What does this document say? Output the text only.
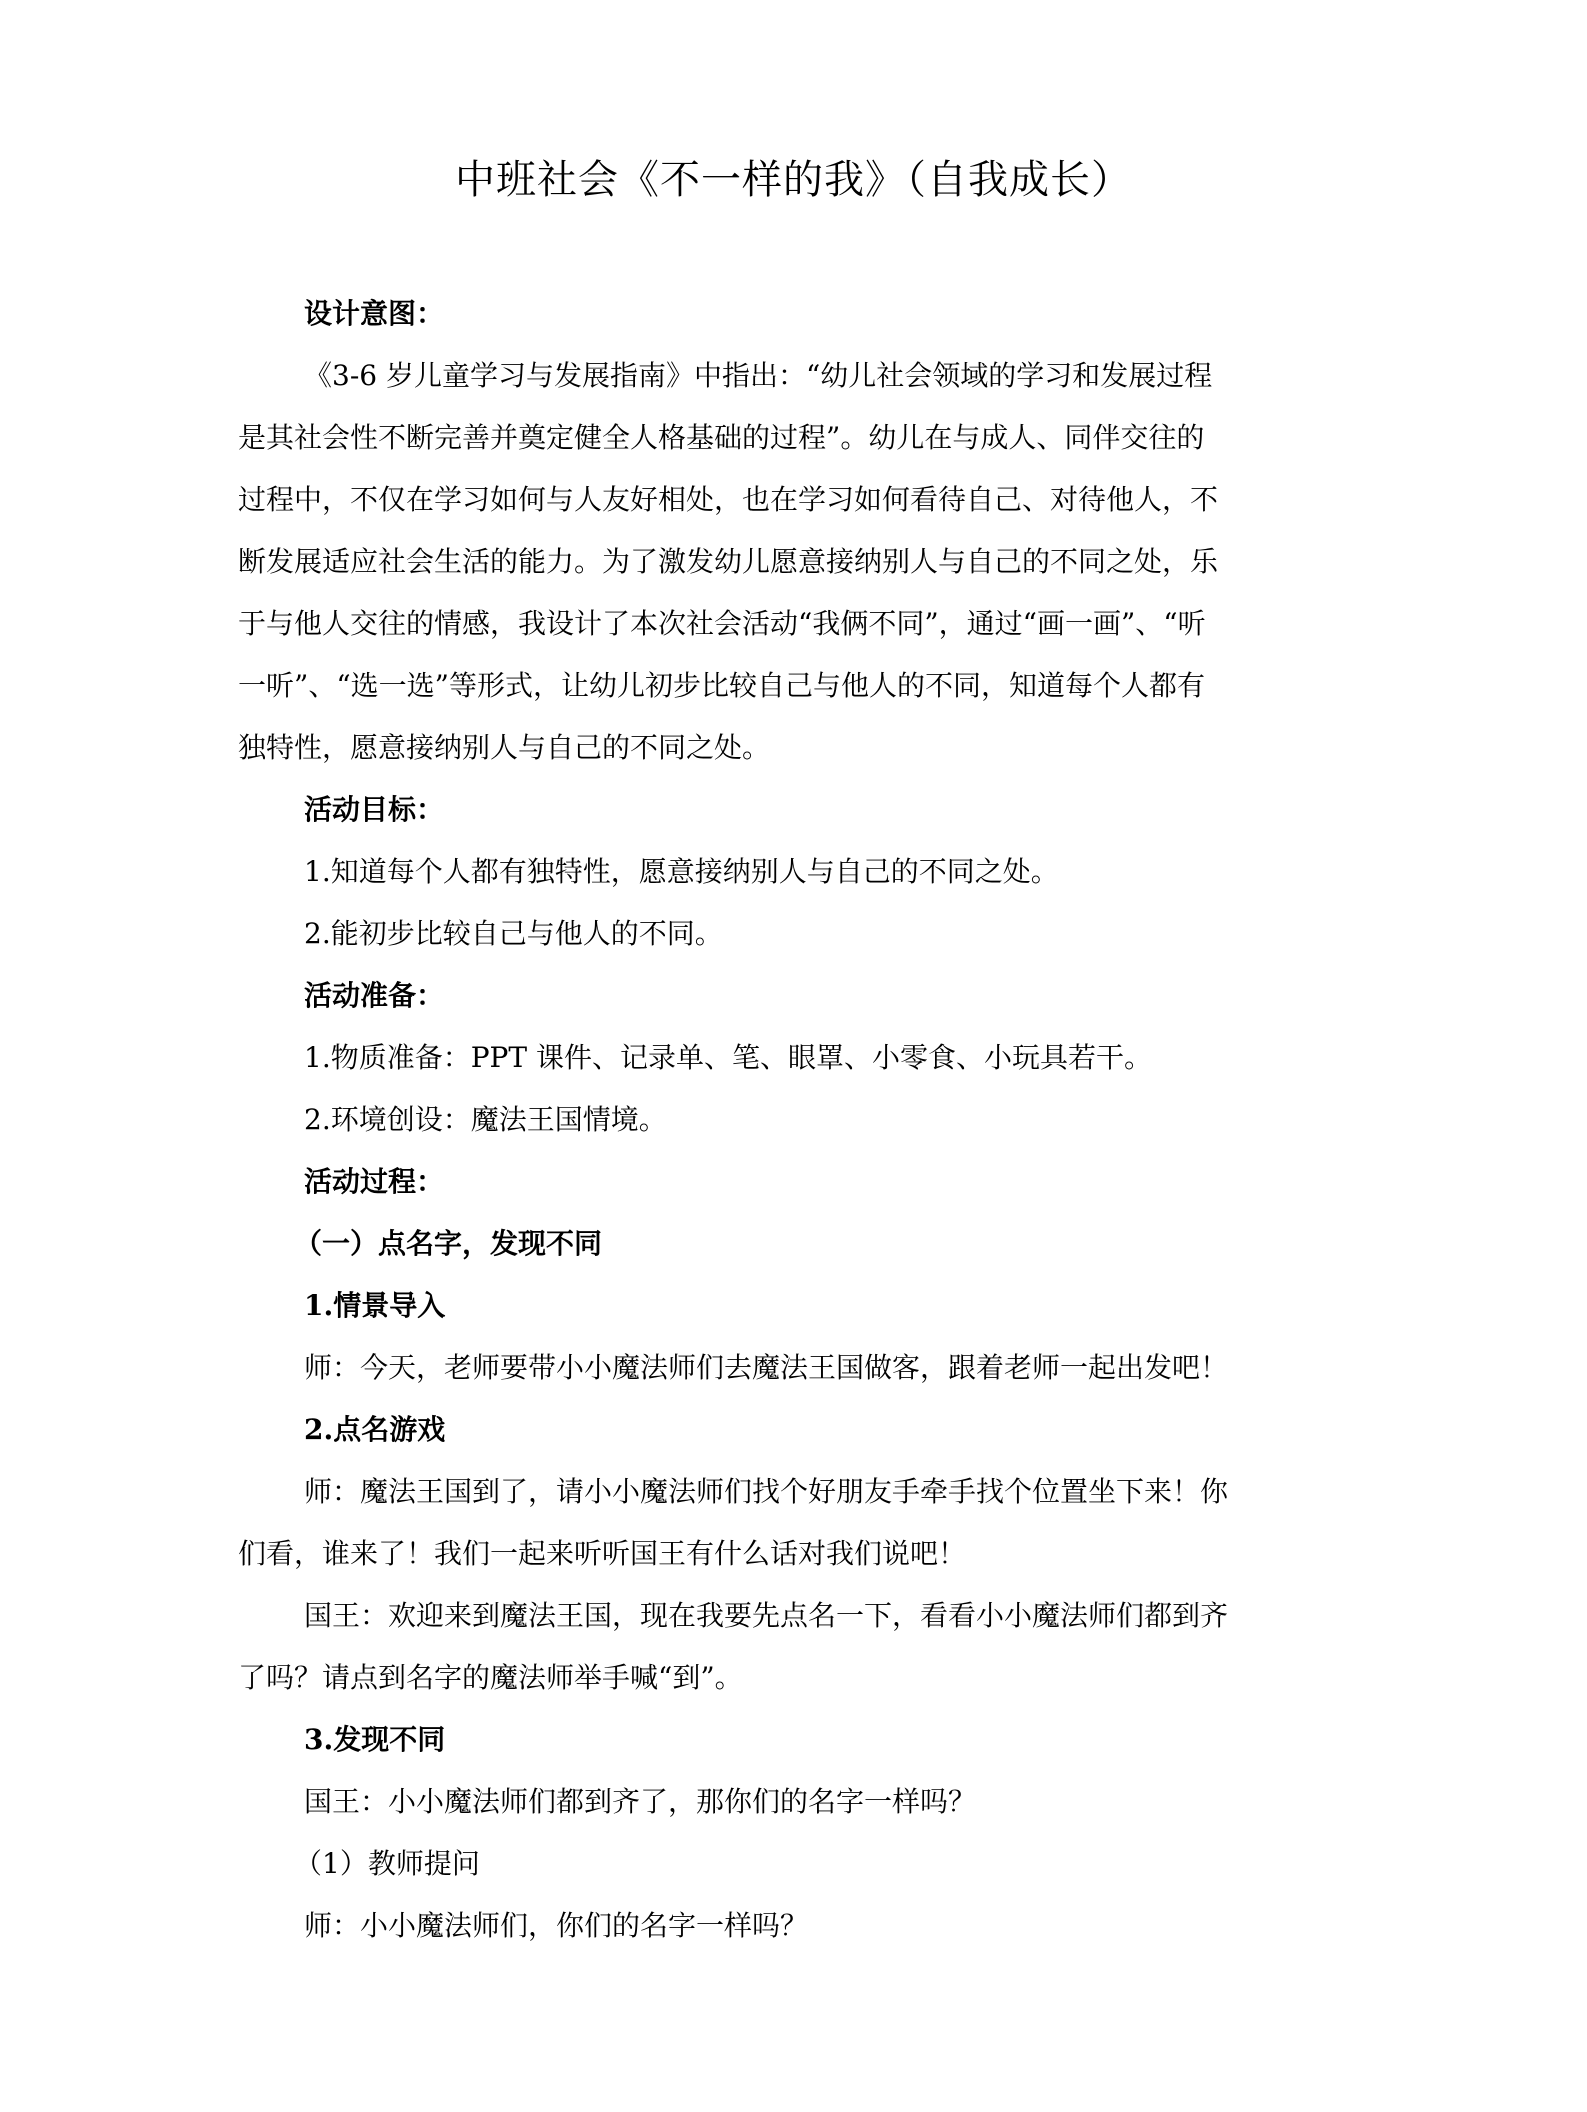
中班社会《不一样的我》（自我成长）

设计意图：

《3-6 岁儿童学习与发展指南》中指出：“幼儿社会领域的学习和发展过程

是其社会性不断完善并奠定健全人格基础的过程”。幼儿在与成人、同伴交往的

过程中，不仅在学习如何与人友好相处，也在学习如何看待自己、对待他人，不

断发展适应社会生活的能力。为了激发幼儿愿意接纳别人与自己的不同之处，乐

于与他人交往的情感，我设计了本次社会活动“我俩不同”，通过“画一画”、“听

一听”、“选一选”等形式，让幼儿初步比较自己与他人的不同，知道每个人都有

独特性，愿意接纳别人与自己的不同之处。

活动目标：

1.知道每个人都有独特性，愿意接纳别人与自己的不同之处。

2.能初步比较自己与他人的不同。

活动准备：

1.物质准备：PPT 课件、记录单、笔、眼罩、小零食、小玩具若干。

2.环境创设：魔法王国情境。

活动过程：

（一）点名字，发现不同

1.情景导入

师：今天，老师要带小小魔法师们去魔法王国做客，跟着老师一起出发吧！

2.点名游戏

师：魔法王国到了，请小小魔法师们找个好朋友手牵手找个位置坐下来！你

们看，谁来了！我们一起来听听国王有什么话对我们说吧！

国王：欢迎来到魔法王国，现在我要先点名一下，看看小小魔法师们都到齐

了吗？请点到名字的魔法师举手喊“到”。

3.发现不同

国王：小小魔法师们都到齐了，那你们的名字一样吗？

（1）教师提问

师：小小魔法师们，你们的名字一样吗？
